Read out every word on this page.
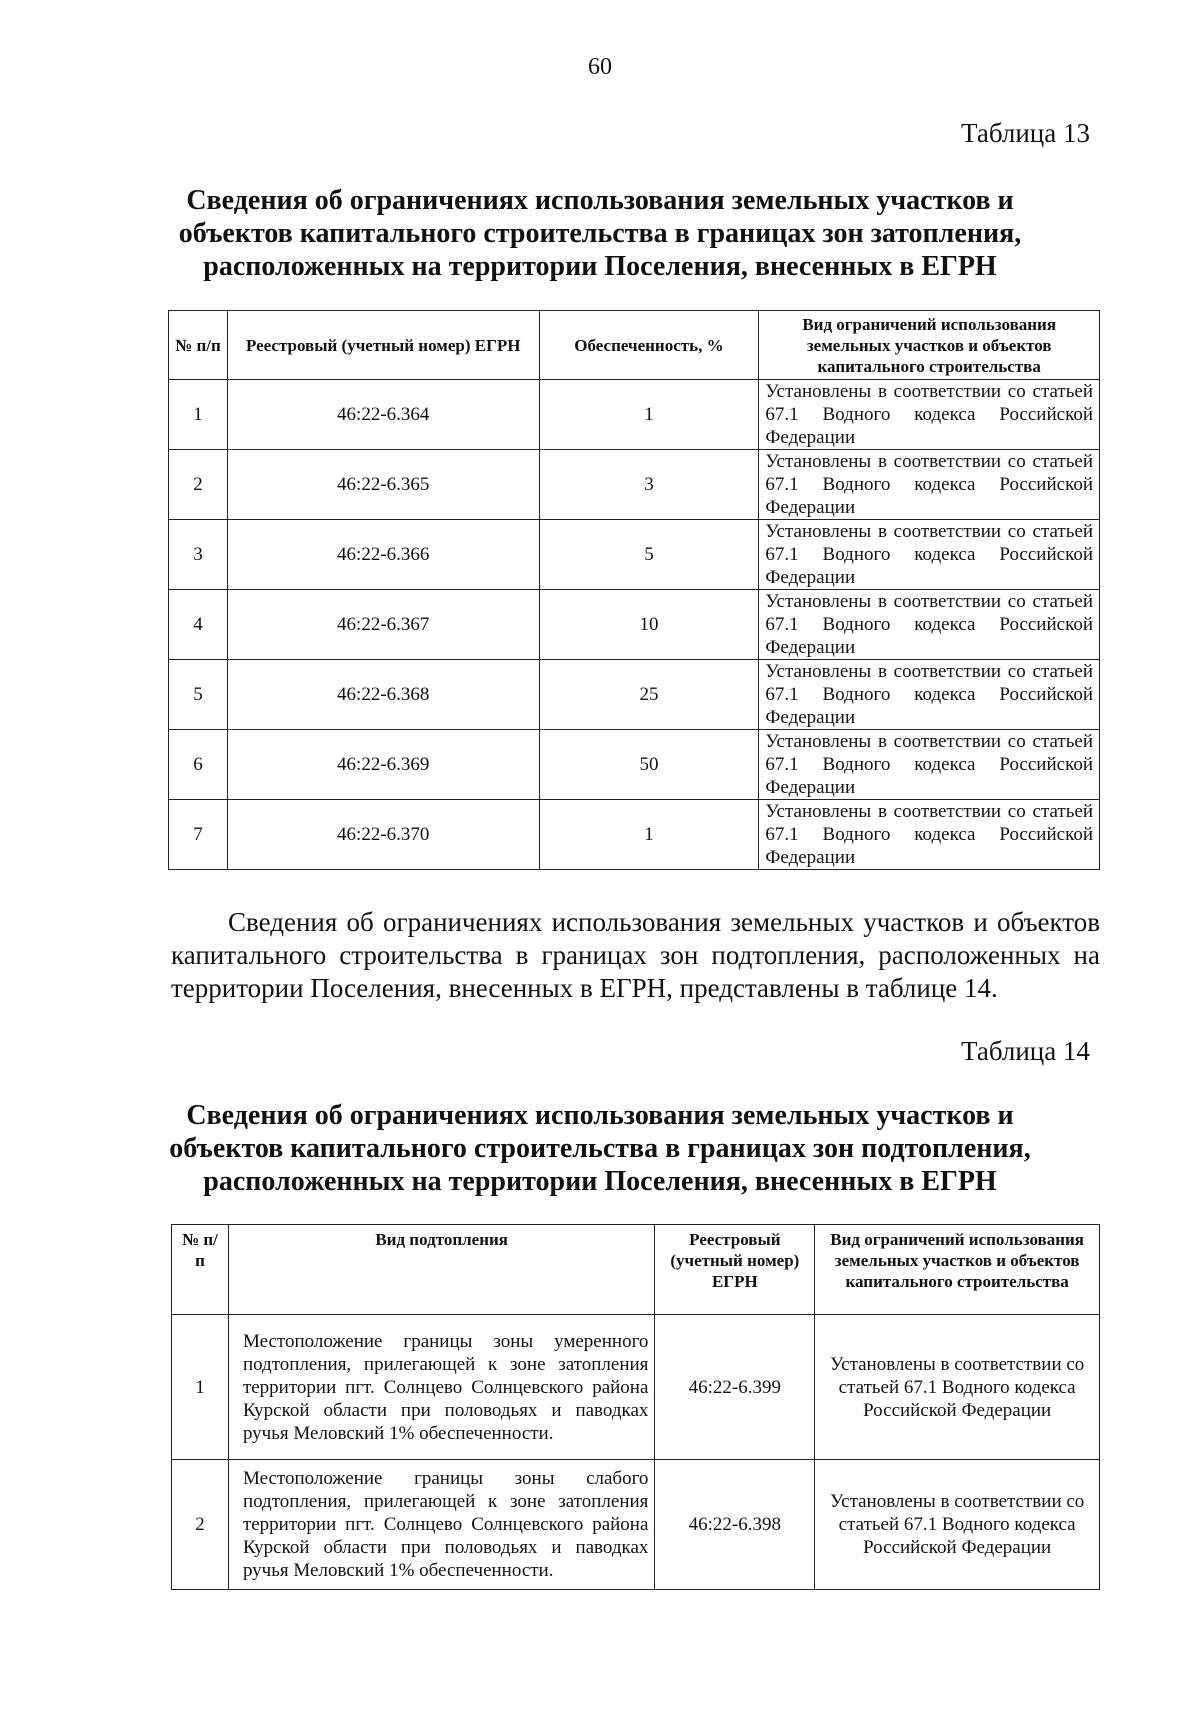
60
Таблица 13
Сведения об ограничениях использования земельных участков и объектов капитального строительства в границах зон затопления, расположенных на территории Поселения, внесенных в ЕГРН
№ п/п	Реестровый (учетный номер) ЕГРН	Обеспеченность, %	Вид ограничений использования земельных участков и объектов капитального строительства
1	46:22-6.364	1	Установлены в соответствии со статьей 67.1 Водного кодекса Российской Федерации
2	46:22-6.365	3	Установлены в соответствии со статьей 67.1 Водного кодекса Российской Федерации
3	46:22-6.366	5	Установлены в соответствии со статьей 67.1 Водного кодекса Российской Федерации
4	46:22-6.367	10	Установлены в соответствии со статьей 67.1 Водного кодекса Российской Федерации
5	46:22-6.368	25	Установлены в соответствии со статьей 67.1 Водного кодекса Российской Федерации
6	46:22-6.369	50	Установлены в соответствии со статьей 67.1 Водного кодекса Российской Федерации
7	46:22-6.370	1	Установлены в соответствии со статьей 67.1 Водного кодекса Российской Федерации
Сведения об ограничениях использования земельных участков и объектов капитального строительства в границах зон подтопления, расположенных на территории Поселения, внесенных в ЕГРН, представлены в таблице 14.
Таблица 14
Сведения об ограничениях использования земельных участков и объектов капитального строительства в границах зон подтопления, расположенных на территории Поселения, внесенных в ЕГРН
№ п/п	Вид подтопления	Реестровый (учетный номер) ЕГРН	Вид ограничений использования земельных участков и объектов капитального строительства
1	Местоположение границы зоны умеренного подтопления, прилегающей к зоне затопления территории пгт. Солнцево Солнцевского района Курской области при половодьях и паводках ручья Меловский 1% обеспеченности.	46:22-6.399	Установлены в соответствии со статьей 67.1 Водного кодекса Российской Федерации
2	Местоположение границы зоны слабого подтопления, прилегающей к зоне затопления территории пгт. Солнцево Солнцевского района Курской области при половодьях и паводках ручья Меловский 1% обеспеченности.	46:22-6.398	Установлены в соответствии со статьей 67.1 Водного кодекса Российской Федерации
